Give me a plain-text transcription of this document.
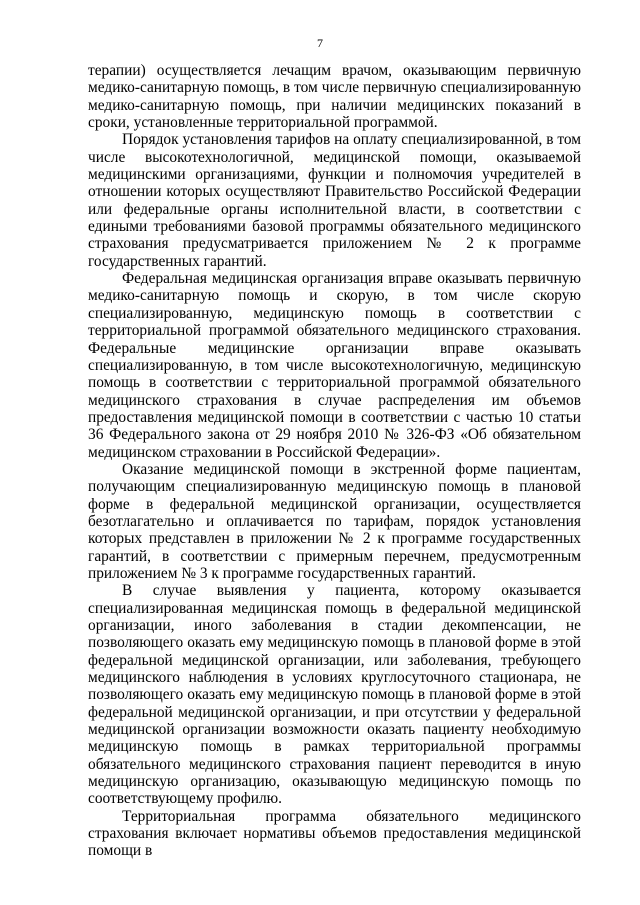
7

терапии) осуществляется лечащим врачом, оказывающим первичную медико-санитарную помощь, в том числе первичную специализированную медико-санитарную помощь, при наличии медицинских показаний в сроки, установленные территориальной программой.

Порядок установления тарифов на оплату специализированной, в том числе высокотехнологичной, медицинской помощи, оказываемой медицинскими организациями, функции и полномочия учредителей в отношении которых осуществляют Правительство Российской Федерации или федеральные органы исполнительной власти, в соответствии с едиными требованиями базовой программы обязательного медицинского страхования предусматривается приложением № 2 к программе государственных гарантий.

Федеральная медицинская организация вправе оказывать первичную медико-санитарную помощь и скорую, в том числе скорую специализированную, медицинскую помощь в соответствии с территориальной программой обязательного медицинского страхования. Федеральные медицинские организации вправе оказывать специализированную, в том числе высокотехнологичную, медицинскую помощь в соответствии с территориальной программой обязательного медицинского страхования в случае распределения им объемов предоставления медицинской помощи в соответствии с частью 10 статьи 36 Федерального закона от 29 ноября 2010 № 326-ФЗ «Об обязательном медицинском страховании в Российской Федерации».

Оказание медицинской помощи в экстренной форме пациентам, получающим специализированную медицинскую помощь в плановой форме в федеральной медицинской организации, осуществляется безотлагательно и оплачивается по тарифам, порядок установления которых представлен в приложении № 2 к программе государственных гарантий, в соответствии с примерным перечнем, предусмотренным приложением № 3 к программе государственных гарантий.

В случае выявления у пациента, которому оказывается специализированная медицинская помощь в федеральной медицинской организации, иного заболевания в стадии декомпенсации, не позволяющего оказать ему медицинскую помощь в плановой форме в этой федеральной медицинской организации, или заболевания, требующего медицинского наблюдения в условиях круглосуточного стационара, не позволяющего оказать ему медицинскую помощь в плановой форме в этой федеральной медицинской организации, и при отсутствии у федеральной медицинской организации возможности оказать пациенту необходимую медицинскую помощь в рамках территориальной программы обязательного медицинского страхования пациент переводится в иную медицинскую организацию, оказывающую медицинскую помощь по соответствующему профилю.

Территориальная программа обязательного медицинского страхования включает нормативы объемов предоставления медицинской помощи в
